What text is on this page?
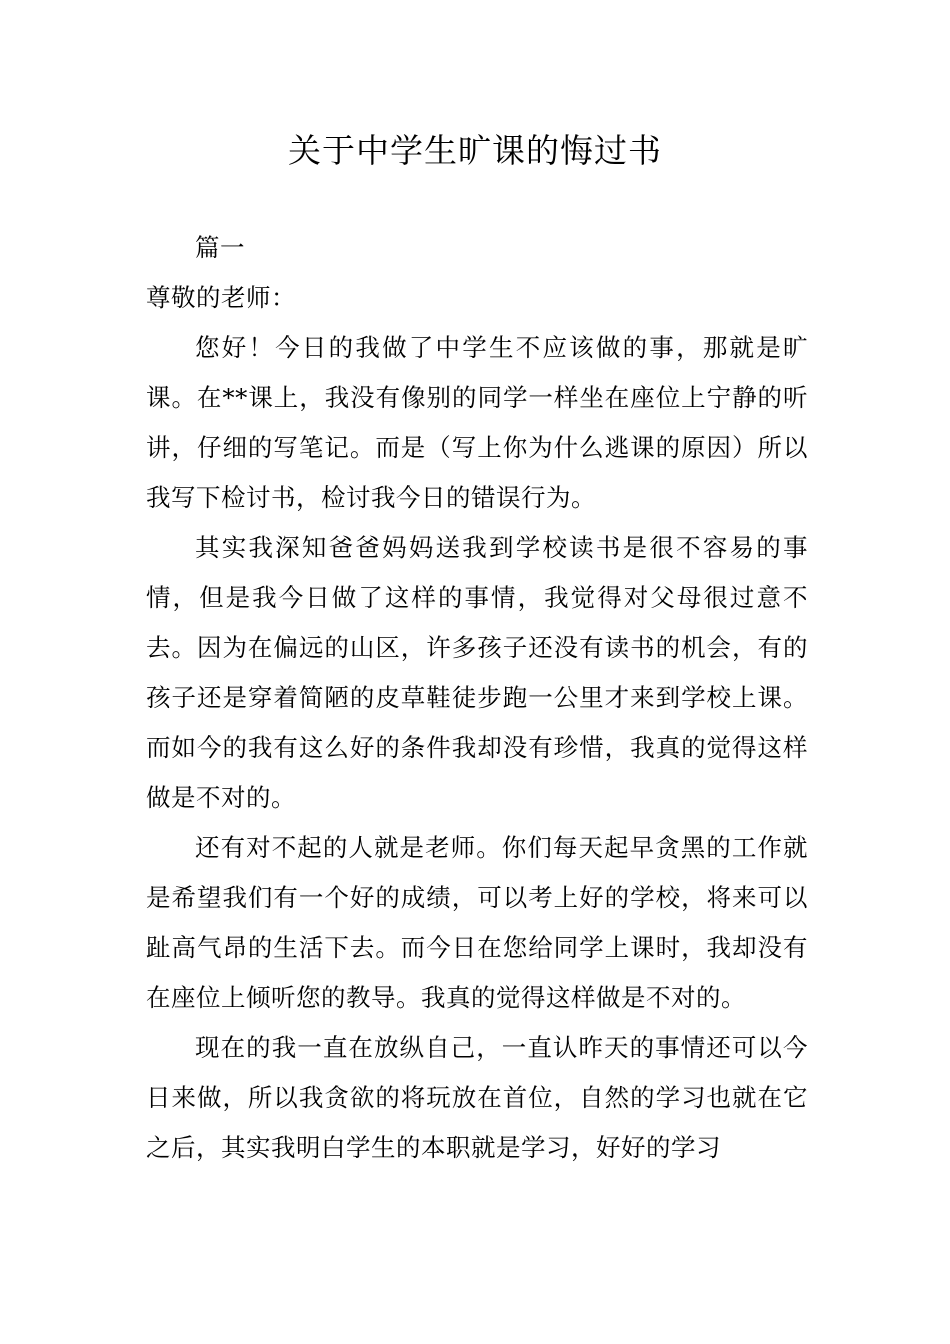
关于中学生旷课的悔过书

篇一

尊敬的老师：

您好！今日的我做了中学生不应该做的事，那就是旷课。在**课上，我没有像别的同学一样坐在座位上宁静的听讲，仔细的写笔记。而是（写上你为什么逃课的原因）所以我写下检讨书，检讨我今日的错误行为。

其实我深知爸爸妈妈送我到学校读书是很不容易的事情，但是我今日做了这样的事情，我觉得对父母很过意不去。因为在偏远的山区，许多孩子还没有读书的机会，有的孩子还是穿着简陋的皮草鞋徒步跑一公里才来到学校上课。而如今的我有这么好的条件我却没有珍惜，我真的觉得这样做是不对的。

还有对不起的人就是老师。你们每天起早贪黑的工作就是希望我们有一个好的成绩，可以考上好的学校，将来可以趾高气昂的生活下去。而今日在您给同学上课时，我却没有在座位上倾听您的教导。我真的觉得这样做是不对的。

现在的我一直在放纵自己，一直认昨天的事情还可以今日来做，所以我贪欲的将玩放在首位，自然的学习也就在它之后，其实我明白学生的本职就是学习，好好的学习
